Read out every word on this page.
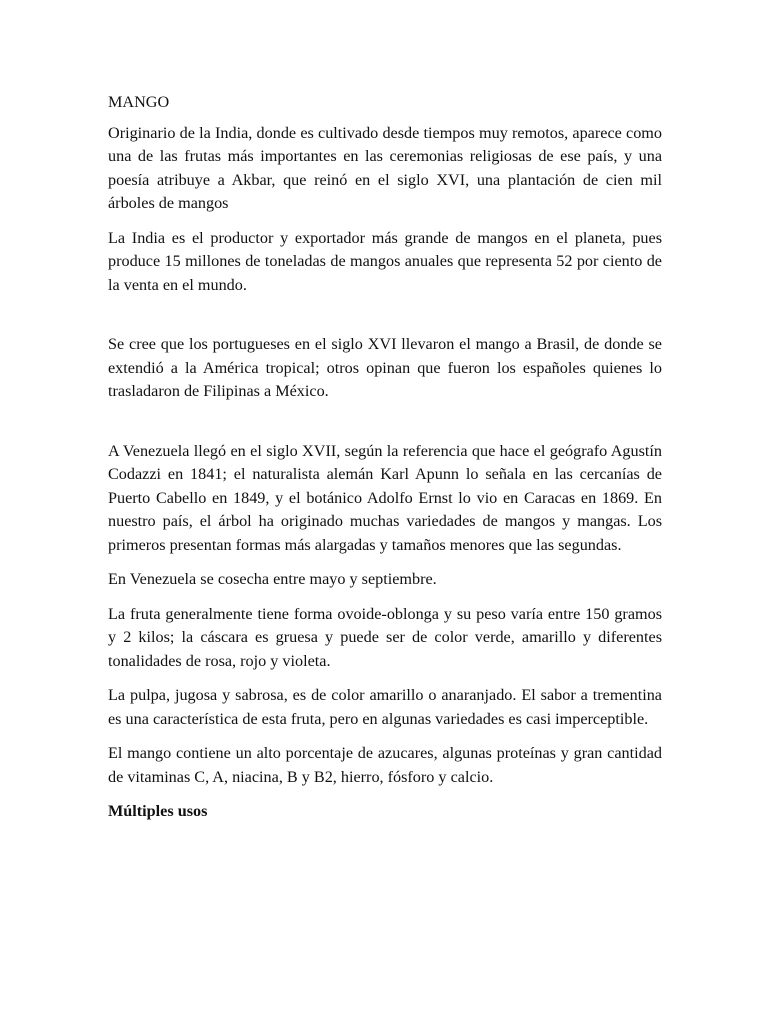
MANGO

Originario de la India, donde es cultivado desde tiempos muy remotos, aparece como una de las frutas más importantes en las ceremonias religiosas de ese país, y una poesía atribuye a Akbar, que reinó en el siglo XVI, una plantación de cien mil árboles de mangos

La India es el productor y exportador más grande de mangos en el planeta, pues produce 15 millones de toneladas de mangos anuales que representa 52 por ciento de la venta en el mundo.

Se cree que los portugueses en el siglo XVI llevaron el mango a Brasil, de donde se extendió a la América tropical; otros opinan que fueron los españoles quienes lo trasladaron de Filipinas a México.

A Venezuela llegó en el siglo XVII, según la referencia que hace el geógrafo Agustín Codazzi en 1841; el naturalista alemán Karl Apunn lo señala en las cercanías de Puerto Cabello en 1849, y el botánico Adolfo Ernst lo vio en Caracas en 1869. En nuestro país, el árbol ha originado muchas variedades de mangos y mangas. Los primeros presentan formas más alargadas y tamaños menores que las segundas.

En Venezuela se cosecha entre mayo y septiembre.

La fruta generalmente tiene forma ovoide-oblonga y su peso varía entre 150 gramos y 2 kilos; la cáscara es gruesa y puede ser de color verde, amarillo y diferentes tonalidades de rosa, rojo y violeta.

La pulpa, jugosa y sabrosa, es de color amarillo o anaranjado. El sabor a trementina es una característica de esta fruta, pero en algunas variedades es casi imperceptible.

El mango contiene un alto porcentaje de azucares, algunas proteínas y gran cantidad de vitaminas C, A, niacina, B y B2, hierro, fósforo y calcio.

Múltiples usos
